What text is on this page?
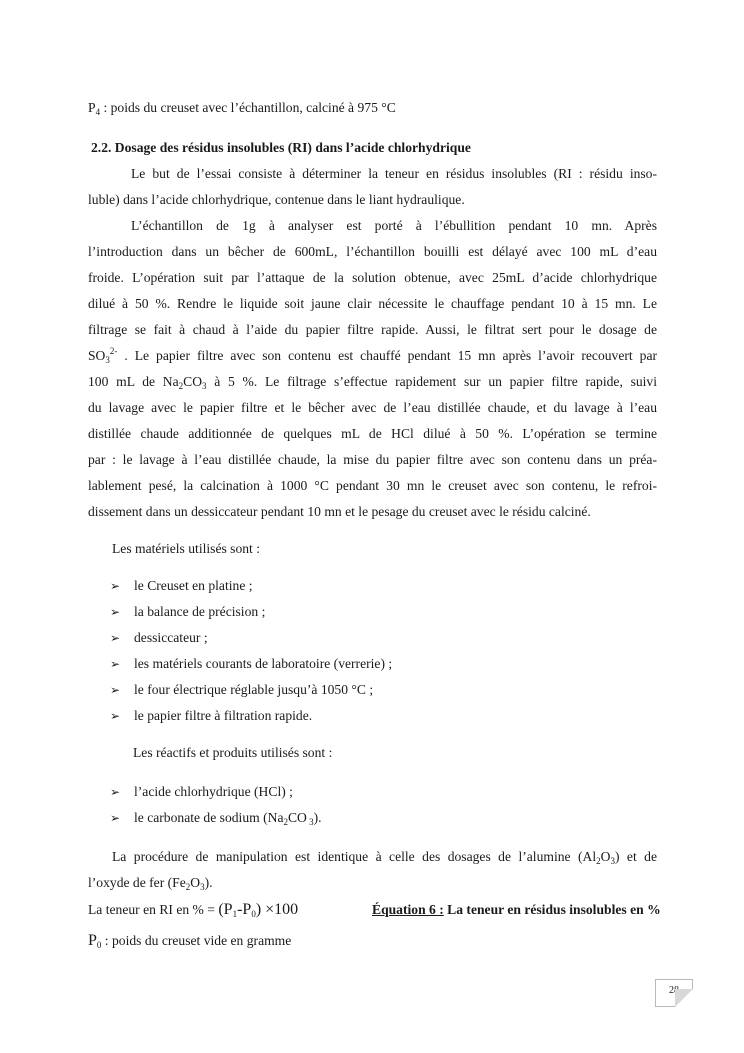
$P_4$ : poids du creuset avec l’échantillon, calciné à 975 °C
2.2. Dosage des résidus insolubles (RI) dans l’acide chlorhydrique
Le but de l’essai consiste à déterminer la teneur en résidus insolubles (RI : résidu inso-
luble) dans l’acide chlorhydrique, contenue dans le liant hydraulique.
L’échantillon de 1g à analyser est porté à l’ébullition pendant 10 mn. Après
l’introduction dans un bêcher de 600mL, l’échantillon bouilli est délayé avec 100 mL d’eau
froide. L’opération suit par l’attaque de la solution obtenue, avec 25mL d’acide chlorhydrique
dilué à 50 %. Rendre le liquide soit jaune clair nécessite le chauffage pendant 10 à 15 mn. Le
filtrage se fait à chaud à l’aide du papier filtre rapide. Aussi, le filtrat sert pour le dosage de
$SO_3^{2-}$ . Le papier filtre avec son contenu est chauffé pendant 15 mn après l’avoir recouvert par
100 mL de $Na_2CO_3$ à 5 %. Le filtrage s’effectue rapidement sur un papier filtre rapide, suivi
du lavage avec le papier filtre et le bêcher avec de l’eau distillée chaude, et du lavage à l’eau
distillée chaude additionnée de quelques mL de HCl dilué à 50 %. L’opération se termine
par : le lavage à l’eau distillée chaude, la mise du papier filtre avec son contenu dans un préa-
lablement pesé, la calcination à 1000 °C pendant 30 mn le creuset avec son contenu, le refroi-
dissement dans un dessiccateur pendant 10 mn et le pesage du creuset avec le résidu calciné.
Les matériels utilisés sont :
➢ le Creuset en platine ;
➢ la balance de précision ;
➢ dessiccateur ;
➢ les matériels courants de laboratoire (verrerie) ;
➢ le four électrique réglable jusqu’à 1050 °C ;
➢ le papier filtre à filtration rapide.
Les réactifs et produits utilisés sont :
➢ l’acide chlorhydrique (HCl) ;
➢ le carbonate de sodium ($Na_2CO$ $_3$).
La procédure de manipulation est identique à celle des dosages de l’alumine $(Al_2O_3)$ et de
l’oxyde de fer $(Fe_2O_3)$.
La teneur en RI en % = $(P_1-P_0) \times 100$	Équation 6 : La teneur en résidus insolubles en %
$P_0$ : poids du creuset vide en gramme
28
